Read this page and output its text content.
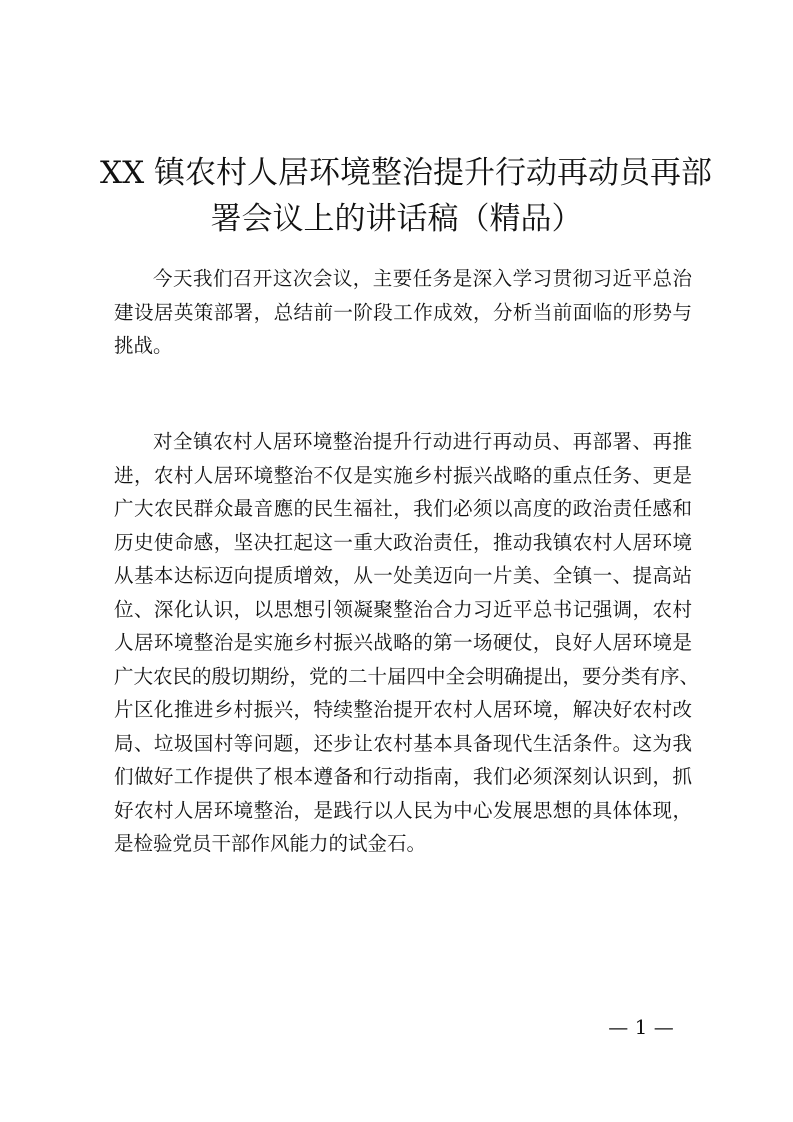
XX 镇农村人居环境整治提升行动再动员再部
署会议上的讲话稿（精品）
今天我们召开这次会议，主要任务是深入学习贯彻习近平总治
建设居英策部署，总结前一阶段工作成效，分析当前面临的形势与
挑战。
对全镇农村人居环境整治提升行动进行再动员、再部署、再推
进，农村人居环境整治不仅是实施乡村振兴战略的重点任务、更是
广大农民群众最音應的民生福社，我们必须以高度的政治责任感和
历史使命感，坚决扛起这一重大政治责任，推动我镇农村人居环境
从基本达标迈向提质增效，从一处美迈向一片美、全镇一、提高站
位、深化认识，以思想引领凝聚整治合力习近平总书记强调，农村
人居环境整治是实施乡村振兴战略的第一场硬仗，良好人居环境是
广大农民的殷切期纷，党的二十届四中全会明确提出，要分类有序、
片区化推进乡村振兴，特续整治提开农村人居环境，解决好农村改
局、垃圾国村等问题，还步让农村基本具备现代生活条件。这为我
们做好工作提供了根本遵备和行动指南，我们必须深刻认识到，抓
好农村人居环境整治，是践行以人民为中心发展思想的具体体现，
是检验党员干部作风能力的试金石。
— 1 —
